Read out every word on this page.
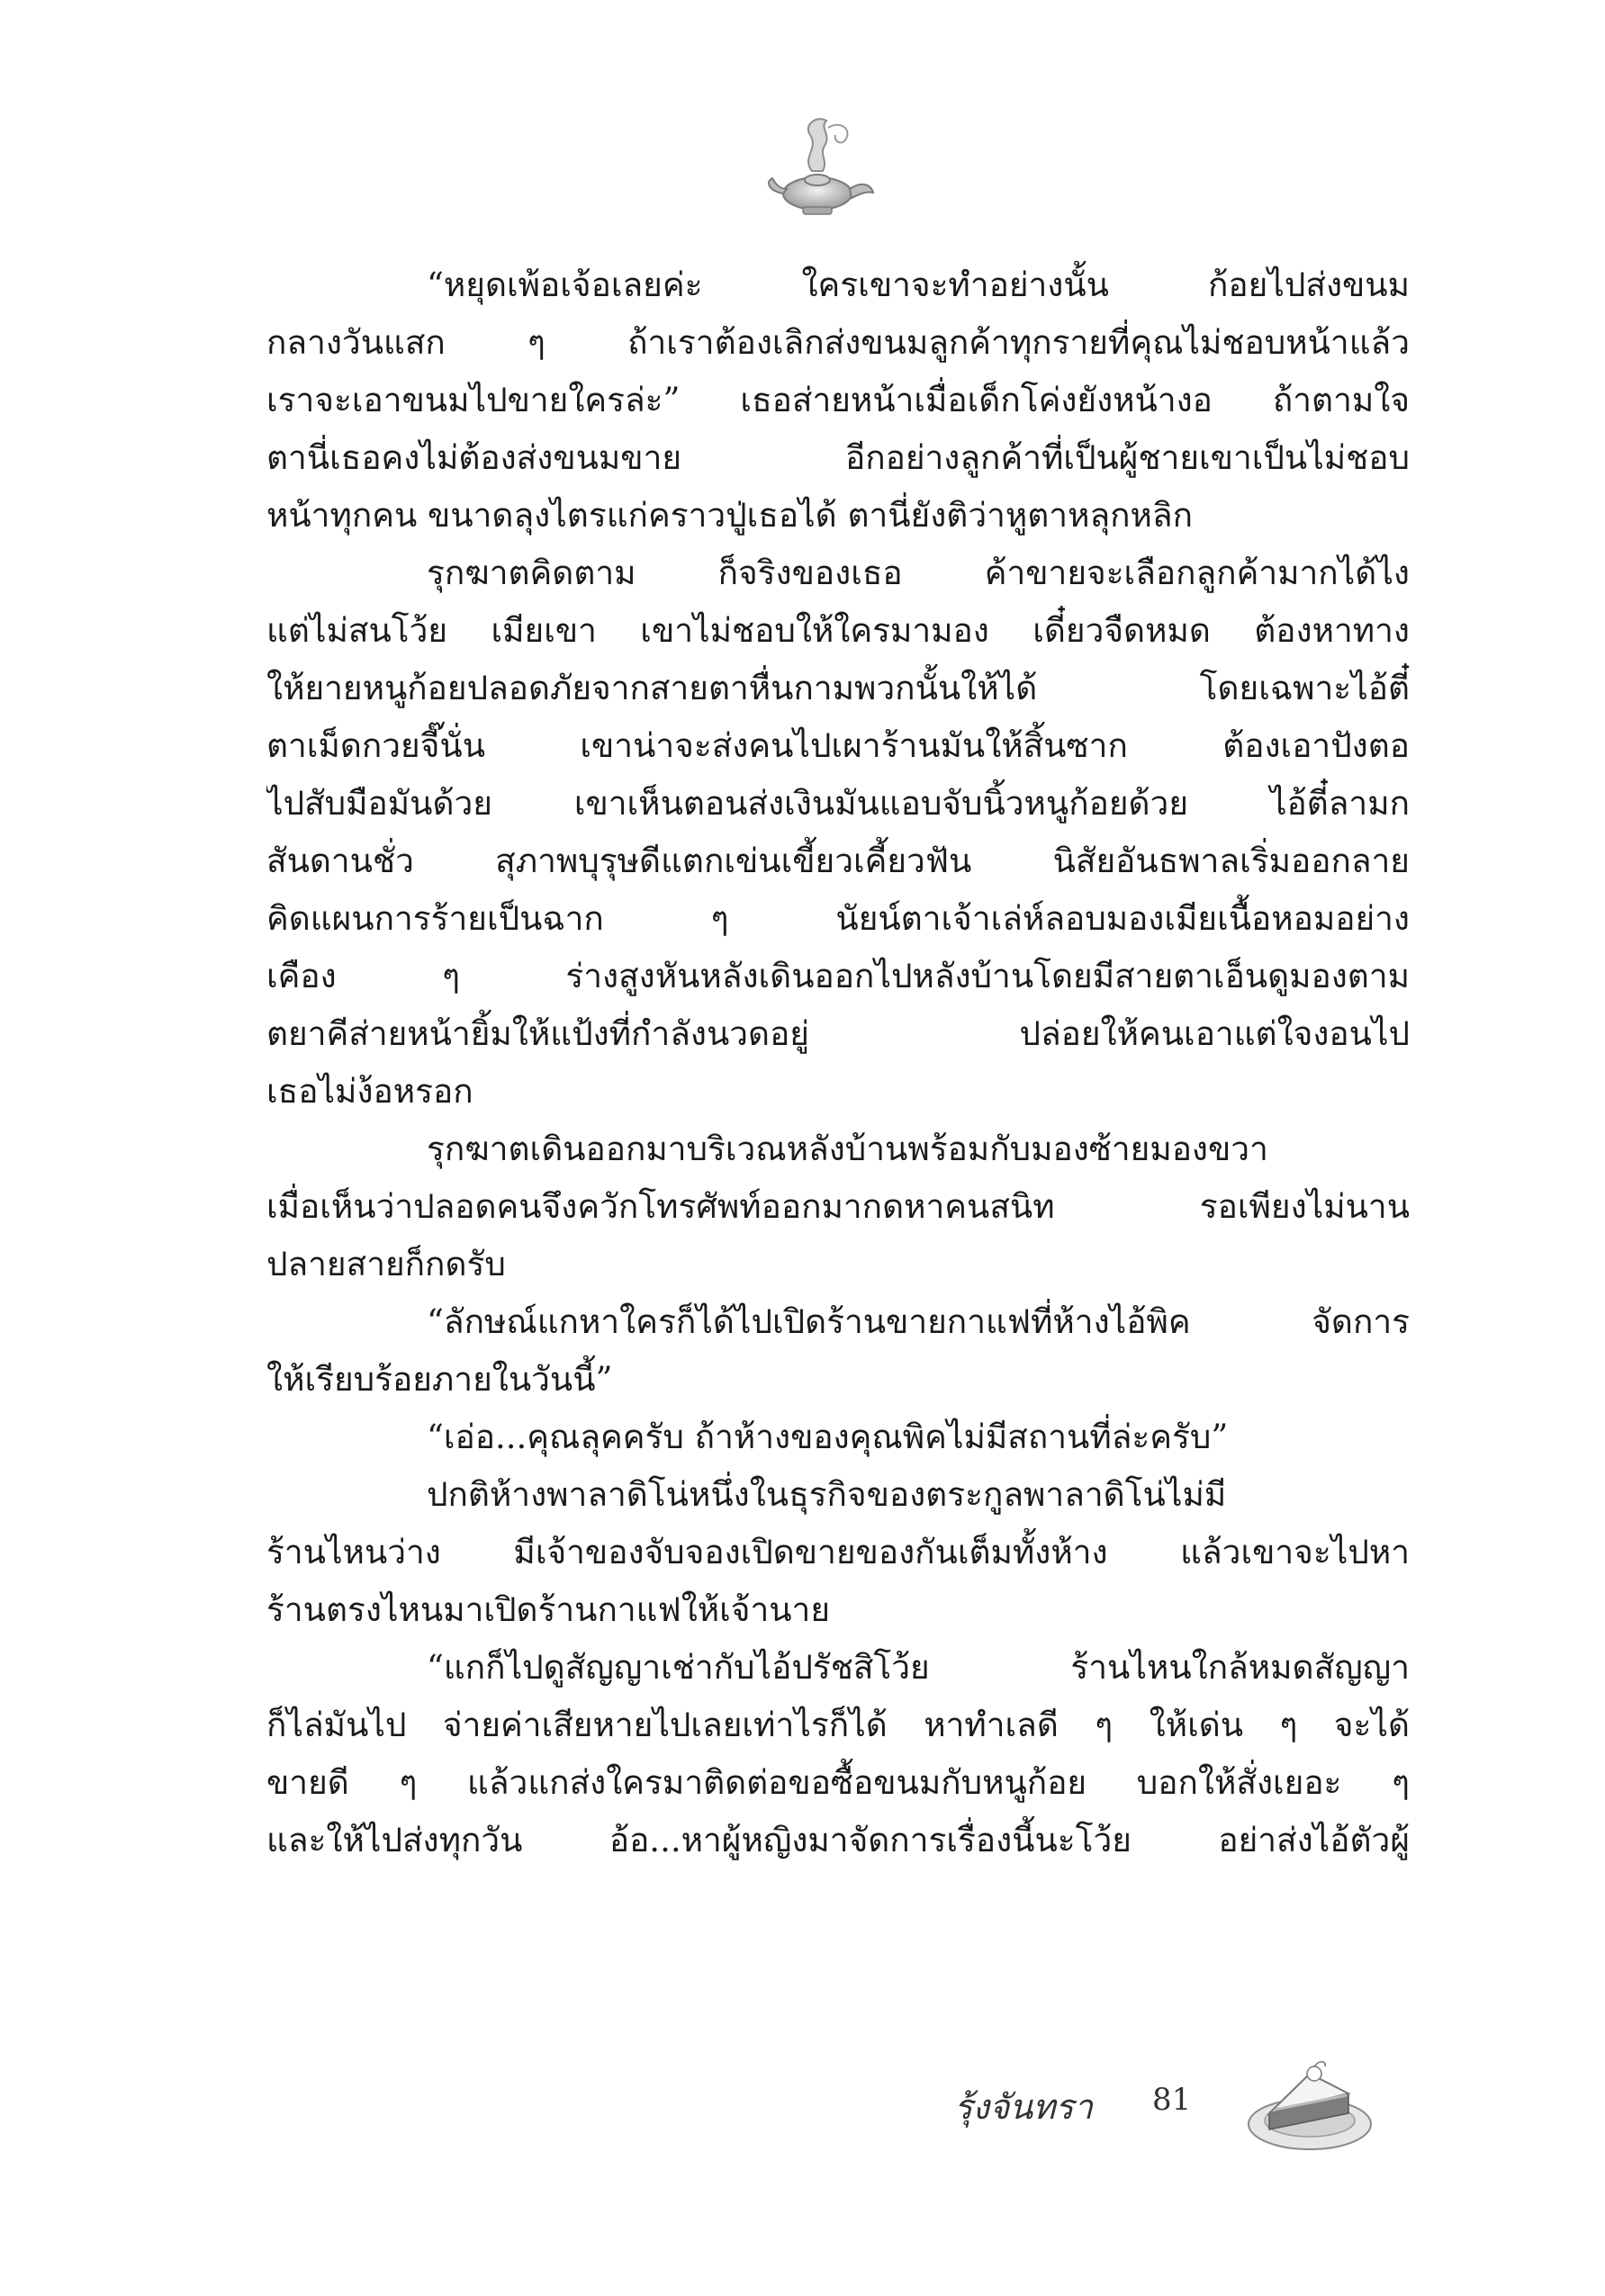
“หยุดเพ้อเจ้อเลยค่ะ ใครเขาจะทำอย่างนั้น ก้อยไปส่งขนม
กลางวันแสก ๆ ถ้าเราต้องเลิกส่งขนมลูกค้าทุกรายที่คุณไม่ชอบหน้าแล้ว
เราจะเอาขนมไปขายใครล่ะ” เธอส่ายหน้าเมื่อเด็กโค่งยังหน้างอ ถ้าตามใจ
ตานี่เธอคงไม่ต้องส่งขนมขาย อีกอย่างลูกค้าที่เป็นผู้ชายเขาเป็นไม่ชอบ
หน้าทุกคน ขนาดลุงไตรแก่คราวปู่เธอได้ ตานี่ยังติว่าหูตาหลุกหลิก
รุกฆาตคิดตาม ก็จริงของเธอ ค้าขายจะเลือกลูกค้ามากได้ไง
แต่ไม่สนโว้ย เมียเขา เขาไม่ชอบให้ใครมามอง เดี๋ยวจืดหมด ต้องหาทาง
ให้ยายหนูก้อยปลอดภัยจากสายตาหื่นกามพวกนั้นให้ได้ โดยเฉพาะไอ้ตี๋
ตาเม็ดกวยจี๊นั่น เขาน่าจะส่งคนไปเผาร้านมันให้สิ้นซาก ต้องเอาปังตอ
ไปสับมือมันด้วย เขาเห็นตอนส่งเงินมันแอบจับนิ้วหนูก้อยด้วย ไอ้ตี๋ลามก
สันดานชั่ว สุภาพบุรุษดีแตกเข่นเขี้ยวเคี้ยวฟัน นิสัยอันธพาลเริ่มออกลาย
คิดแผนการร้ายเป็นฉาก ๆ นัยน์ตาเจ้าเล่ห์ลอบมองเมียเนื้อหอมอย่าง
เคือง ๆ ร่างสูงหันหลังเดินออกไปหลังบ้านโดยมีสายตาเอ็นดูมองตาม
ตยาคีส่ายหน้ายิ้มให้แป้งที่กำลังนวดอยู่ ปล่อยให้คนเอาแต่ใจงอนไป
เธอไม่ง้อหรอก
รุกฆาตเดินออกมาบริเวณหลังบ้านพร้อมกับมองซ้ายมองขวา
เมื่อเห็นว่าปลอดคนจึงควักโทรศัพท์ออกมากดหาคนสนิท รอเพียงไม่นาน
ปลายสายก็กดรับ
“ลักษณ์แกหาใครก็ได้ไปเปิดร้านขายกาแฟที่ห้างไอ้พิค จัดการ
ให้เรียบร้อยภายในวันนี้”
“เอ่อ...คุณลุคครับ ถ้าห้างของคุณพิคไม่มีสถานที่ล่ะครับ”
ปกติห้างพาลาดิโน่หนึ่งในธุรกิจของตระกูลพาลาดิโน่ไม่มี
ร้านไหนว่าง มีเจ้าของจับจองเปิดขายของกันเต็มทั้งห้าง แล้วเขาจะไปหา
ร้านตรงไหนมาเปิดร้านกาแฟให้เจ้านาย
“แกก็ไปดูสัญญาเช่ากับไอ้ปรัชสิโว้ย ร้านไหนใกล้หมดสัญญา
ก็ไล่มันไป จ่ายค่าเสียหายไปเลยเท่าไรก็ได้ หาทำเลดี ๆ ให้เด่น ๆ จะได้
ขายดี ๆ แล้วแกส่งใครมาติดต่อขอซื้อขนมกับหนูก้อย บอกให้สั่งเยอะ ๆ
และให้ไปส่งทุกวัน อ้อ...หาผู้หญิงมาจัดการเรื่องนี้นะโว้ย อย่าส่งไอ้ตัวผู้
รุ้งจันทรา 81
